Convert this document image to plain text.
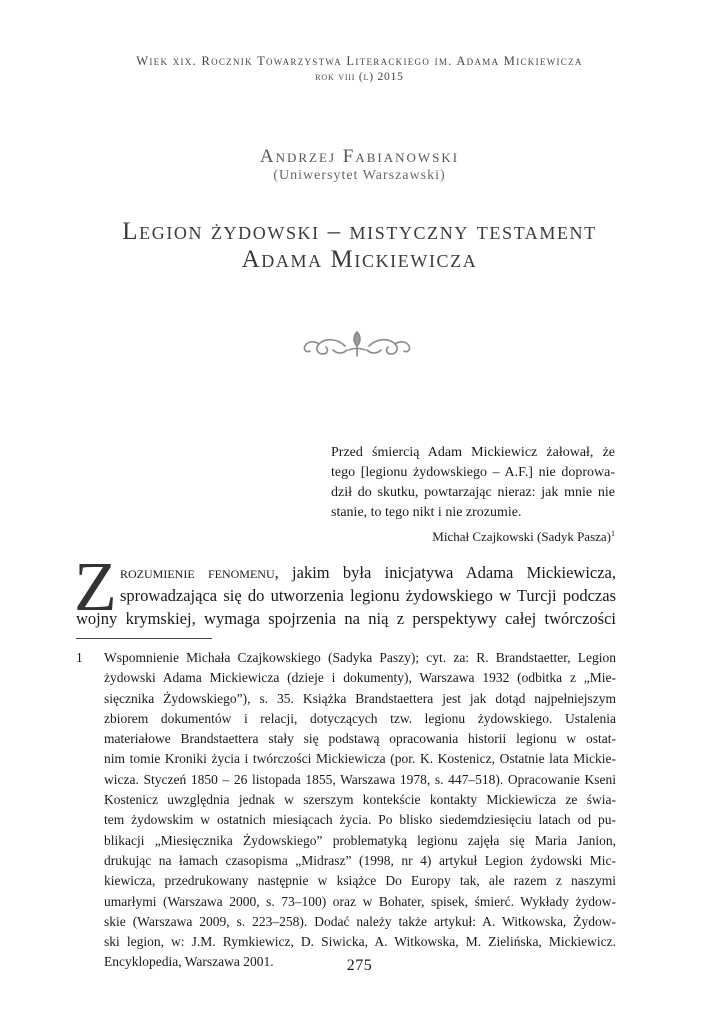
Wiek xix. Rocznik Towarzystwa Literackiego im. Adama Mickiewicza
rok viii (l) 2015
Andrzej Fabianowski
(Uniwersytet Warszawski)
Legion żydowski – mistyczny testament
Adama Mickiewicza
Przed śmiercią Adam Mickiewicz żałował, że
tego [legionu żydowskiego – A.F.] nie doprowa-
dził do skutku, powtarzając nieraz: jak mnie nie
stanie, to tego nikt i nie zrozumie.
Michał Czajkowski (Sadyk Pasza)$^1$
Z rozumienie fenomenu, jakim była inicjatywa Adama Mickiewicza,
sprowadzająca się do utworzenia legionu żydowskiego w Turcji podczas
wojny krymskiej, wymaga spojrzenia na nią z perspektywy całej twórczości
1 Wspomnienie Michała Czajkowskiego (Sadyka Paszy); cyt. za: R. Brandstaetter, Legion
żydowski Adama Mickiewicza (dzieje i dokumenty), Warszawa 1932 (odbitka z „Mie-
sięcznika Żydowskiego”), s. 35. Książka Brandstaettera jest jak dotąd najpełniejszym
zbiorem dokumentów i relacji, dotyczących tzw. legionu żydowskiego. Ustalenia
materiałowe Brandstaettera stały się podstawą opracowania historii legionu w ostat-
nim tomie Kroniki życia i twórczości Mickiewicza (por. K. Kostenicz, Ostatnie lata Mickie-
wicza. Styczeń 1850 – 26 listopada 1855, Warszawa 1978, s. 447–518). Opracowanie Kseni
Kostenicz uwzględnia jednak w szerszym kontekście kontakty Mickiewicza ze świa-
tem żydowskim w ostatnich miesiącach życia. Po blisko siedemdziesięciu latach od pu-
blikacji „Miesięcznika Żydowskiego” problematyką legionu zajęła się Maria Janion,
drukując na łamach czasopisma „Midrasz” (1998, nr 4) artykuł Legion żydowski Mic-
kiewicza, przedrukowany następnie w książce Do Europy tak, ale razem z naszymi
umarłymi (Warszawa 2000, s. 73–100) oraz w Bohater, spisek, śmierć. Wykłady żydow-
skie (Warszawa 2009, s. 223–258). Dodać należy także artykuł: A. Witkowska, Żydow-
ski legion, w: J.M. Rymkiewicz, D. Siwicka, A. Witkowska, M. Zielińska, Mickiewicz.
Encyklopedia, Warszawa 2001.	275
